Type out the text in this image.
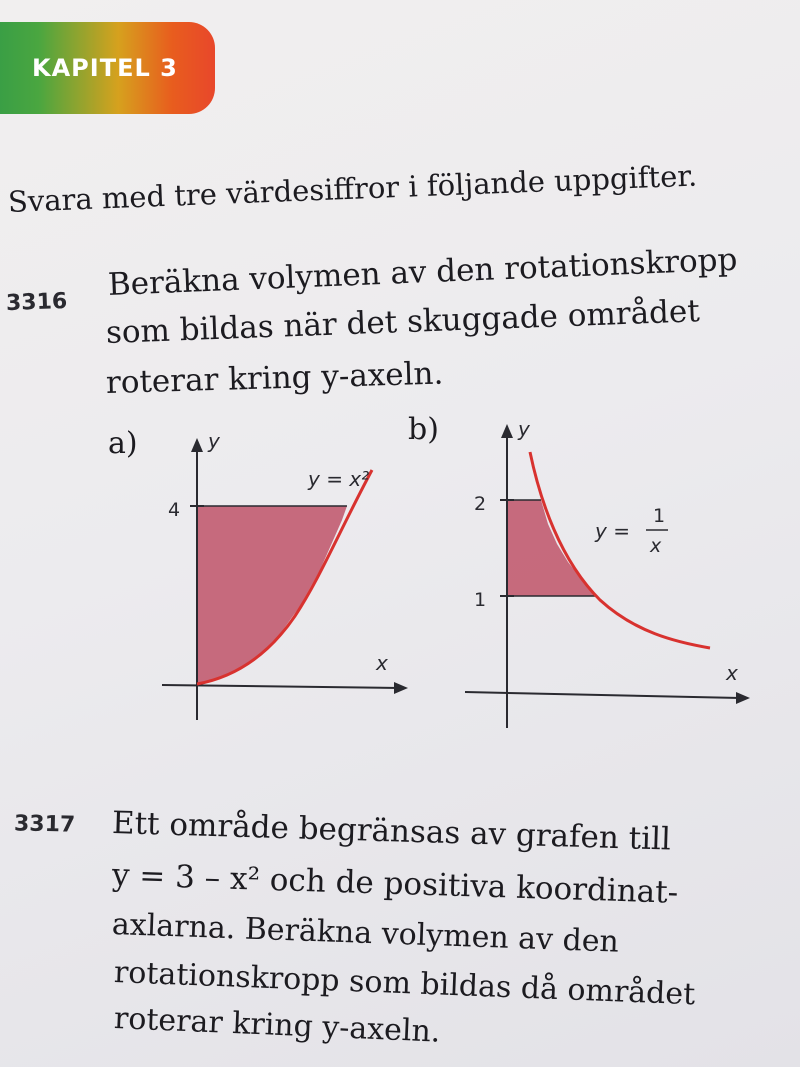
KAPITEL 3
Svara med tre värdesiffror i följande uppgifter.
3316 Beräkna volymen av den rotationskropp
som bildas när det skuggade området
roterar kring y-axeln.
a)	b)
4
y
x
y = x²
2
1
y
x
y =
1
x
3317 Ett område begränsas av grafen till
y = 3 – x² och de positiva koordinat-
axlarna. Beräkna volymen av den
rotationskropp som bildas då området
roterar kring y-axeln.
